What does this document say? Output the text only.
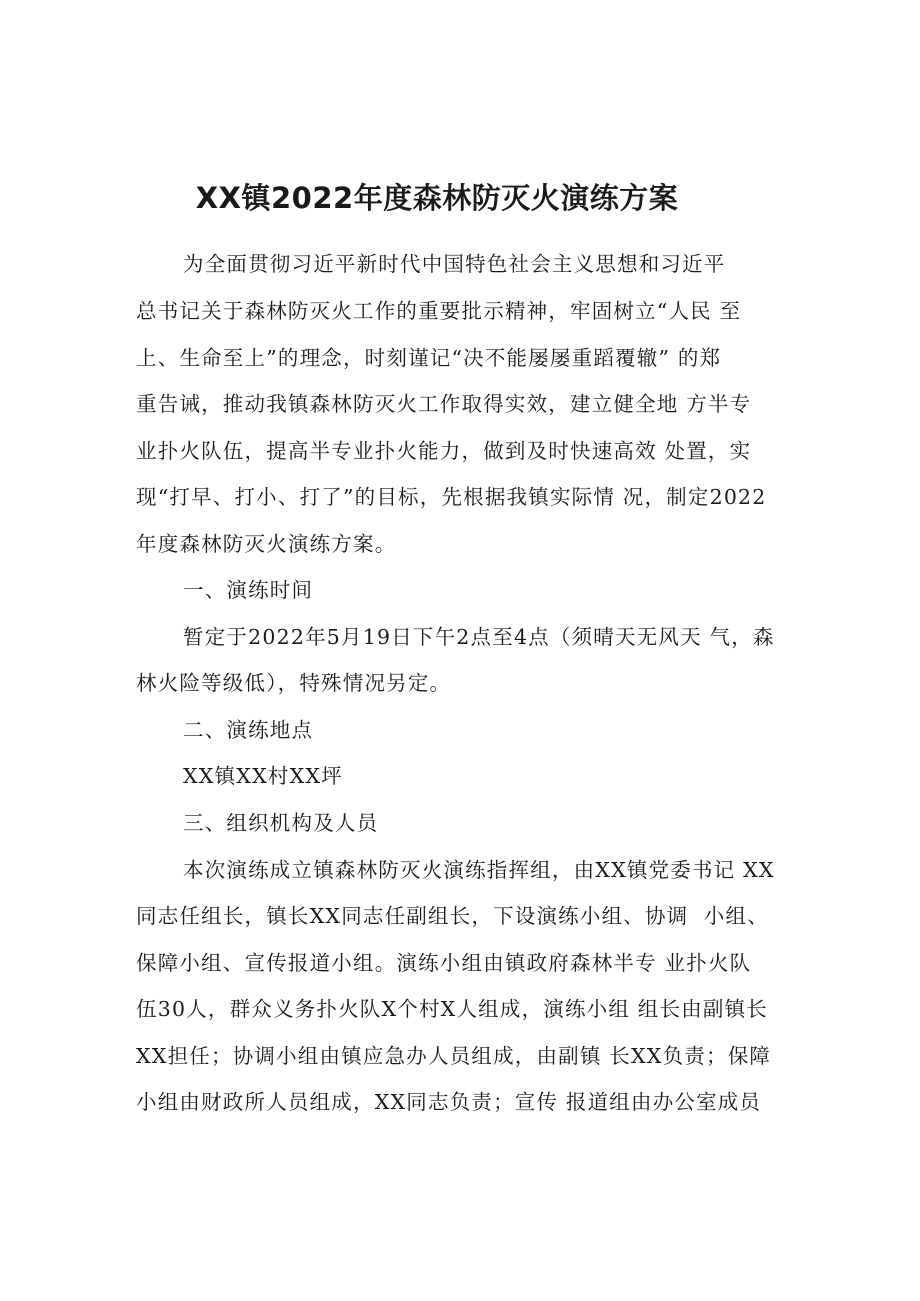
XX镇2022年度森林防灭火演练方案
为全面贯彻习近平新时代中国特色社会主义思想和习近平
总书记关于森林防灭火工作的重要批示精神，牢固树立“人民 至
上、生命至上”的理念，时刻谨记“决不能屡屡重蹈覆辙” 的郑
重告诫，推动我镇森林防灭火工作取得实效，建立健全地 方半专
业扑火队伍，提高半专业扑火能力，做到及时快速高效 处置，实
现“打早、打小、打了”的目标，先根据我镇实际情 况，制定2022
年度森林防灭火演练方案。
一、演练时间
暂定于2022年5月19日下午2点至4点（须晴天无风天 气，森
林火险等级低），特殊情况另定。
二、演练地点
XX镇XX村XX坪
三、组织机构及人员
本次演练成立镇森林防灭火演练指挥组，由XX镇党委书记 XX
同志任组长，镇长XX同志任副组长，下设演练小组、协调  小组、
保障小组、宣传报道小组。演练小组由镇政府森林半专 业扑火队
伍30人，群众义务扑火队X个村X人组成，演练小组 组长由副镇长
XX担任；协调小组由镇应急办人员组成，由副镇 长XX负责；保障
小组由财政所人员组成，XX同志负责；宣传 报道组由办公室成员
